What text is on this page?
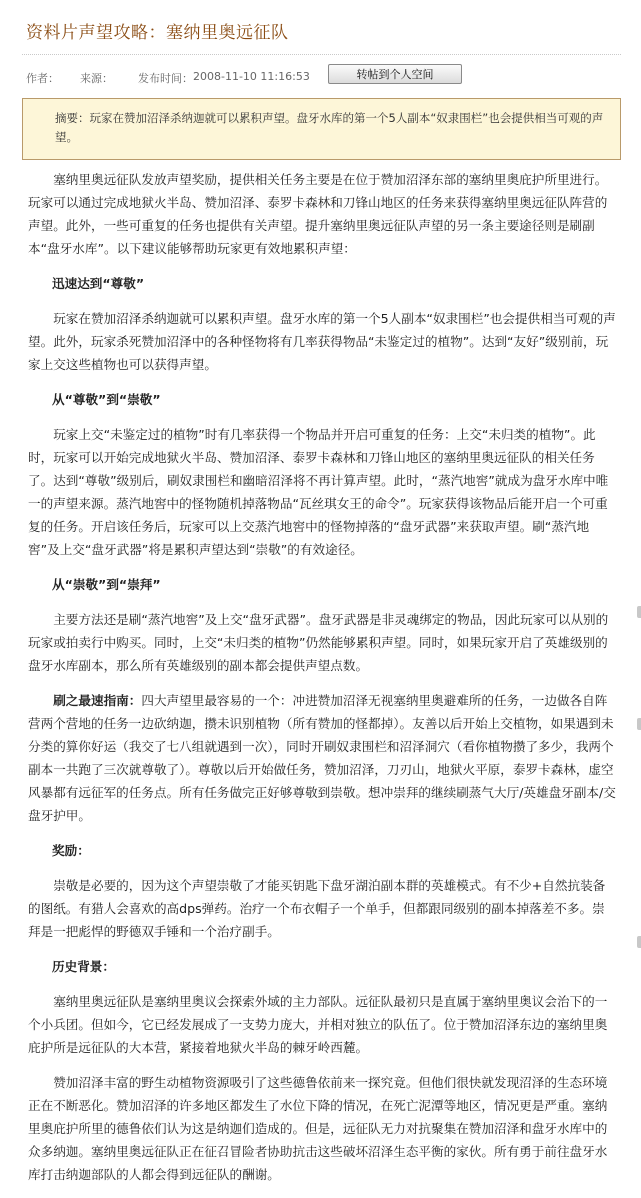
资料片声望攻略：塞纳里奥远征队
作者：	来源：	发布时间： 2008-11-10 11:16:53	转帖到个人空间
摘要：玩家在赞加沼泽杀纳迦就可以累积声望。盘牙水库的第一个5人副本“奴隶围栏”也会提供相当可观的声望。

塞纳里奥远征队发放声望奖励，提供相关任务主要是在位于赞加沼泽东部的塞纳里奥庇护所里进行。玩家可以通过完成地狱火半岛、赞加沼泽、泰罗卡森林和刀锋山地区的任务来获得塞纳里奥远征队阵营的声望。此外，一些可重复的任务也提供有关声望。提升塞纳里奥远征队声望的另一条主要途径则是刷副本“盘牙水库”。以下建议能够帮助玩家更有效地累积声望：

迅速达到“尊敬”

玩家在赞加沼泽杀纳迦就可以累积声望。盘牙水库的第一个5人副本“奴隶围栏”也会提供相当可观的声望。此外，玩家杀死赞加沼泽中的各种怪物将有几率获得物品“未鉴定过的植物”。达到“友好”级别前，玩家上交这些植物也可以获得声望。

从“尊敬”到“崇敬”

玩家上交“未鉴定过的植物”时有几率获得一个物品并开启可重复的任务：上交“未归类的植物”。此时，玩家可以开始完成地狱火半岛、赞加沼泽、泰罗卡森林和刀锋山地区的塞纳里奥远征队的相关任务了。达到“尊敬”级别后，刷奴隶围栏和幽暗沼泽将不再计算声望。此时，“蒸汽地窖”就成为盘牙水库中唯一的声望来源。蒸汽地窖中的怪物随机掉落物品“瓦丝琪女王的命令”。玩家获得该物品后能开启一个可重复的任务。开启该任务后，玩家可以上交蒸汽地窖中的怪物掉落的“盘牙武器”来获取声望。刷“蒸汽地窖”及上交“盘牙武器”将是累积声望达到“崇敬”的有效途径。

从“崇敬”到“崇拜”

主要方法还是刷“蒸汽地窖”及上交“盘牙武器”。盘牙武器是非灵魂绑定的物品，因此玩家可以从别的玩家或拍卖行中购买。同时，上交“未归类的植物”仍然能够累积声望。同时，如果玩家开启了英雄级别的盘牙水库副本，那么所有英雄级别的副本都会提供声望点数。

刷之最速指南：四大声望里最容易的一个：冲进赞加沼泽无视塞纳里奥避难所的任务，一边做各自阵营两个营地的任务一边砍纳迦，攒未识别植物（所有赞加的怪都掉）。友善以后开始上交植物，如果遇到未分类的算你好运（我交了七八组就遇到一次），同时开刷奴隶围栏和沼泽洞穴（看你植物攒了多少，我两个副本一共跑了三次就尊敬了）。尊敬以后开始做任务，赞加沼泽，刀刃山，地狱火平原，泰罗卡森林，虚空风暴都有远征军的任务点。所有任务做完正好够尊敬到崇敬。想冲崇拜的继续刷蒸气大厅/英雄盘牙副本/交盘牙护甲。

奖励：

崇敬是必要的，因为这个声望崇敬了才能买钥匙下盘牙湖泊副本群的英雄模式。有不少+自然抗装备的图纸。有猎人会喜欢的高dps弹药。治疗一个布衣帽子一个单手，但都跟同级别的副本掉落差不多。崇拜是一把彪悍的野德双手锤和一个治疗副手。

历史背景：

塞纳里奥远征队是塞纳里奥议会探索外域的主力部队。远征队最初只是直属于塞纳里奥议会治下的一个小兵团。但如今，它已经发展成了一支势力庞大，并相对独立的队伍了。位于赞加沼泽东边的塞纳里奥庇护所是远征队的大本营，紧接着地狱火半岛的棘牙岭西麓。

赞加沼泽丰富的野生动植物资源吸引了这些德鲁依前来一探究竟。但他们很快就发现沼泽的生态环境正在不断恶化。赞加沼泽的许多地区都发生了水位下降的情况，在死亡泥潭等地区，情况更是严重。塞纳里奥庇护所里的德鲁依们认为这是纳迦们造成的。但是，远征队无力对抗聚集在赞加沼泽和盘牙水库中的众多纳迦。塞纳里奥远征队正在征召冒险者协助抗击这些破坏沼泽生态平衡的家伙。所有勇于前往盘牙水库打击纳迦部队的人都会得到远征队的酬谢。
